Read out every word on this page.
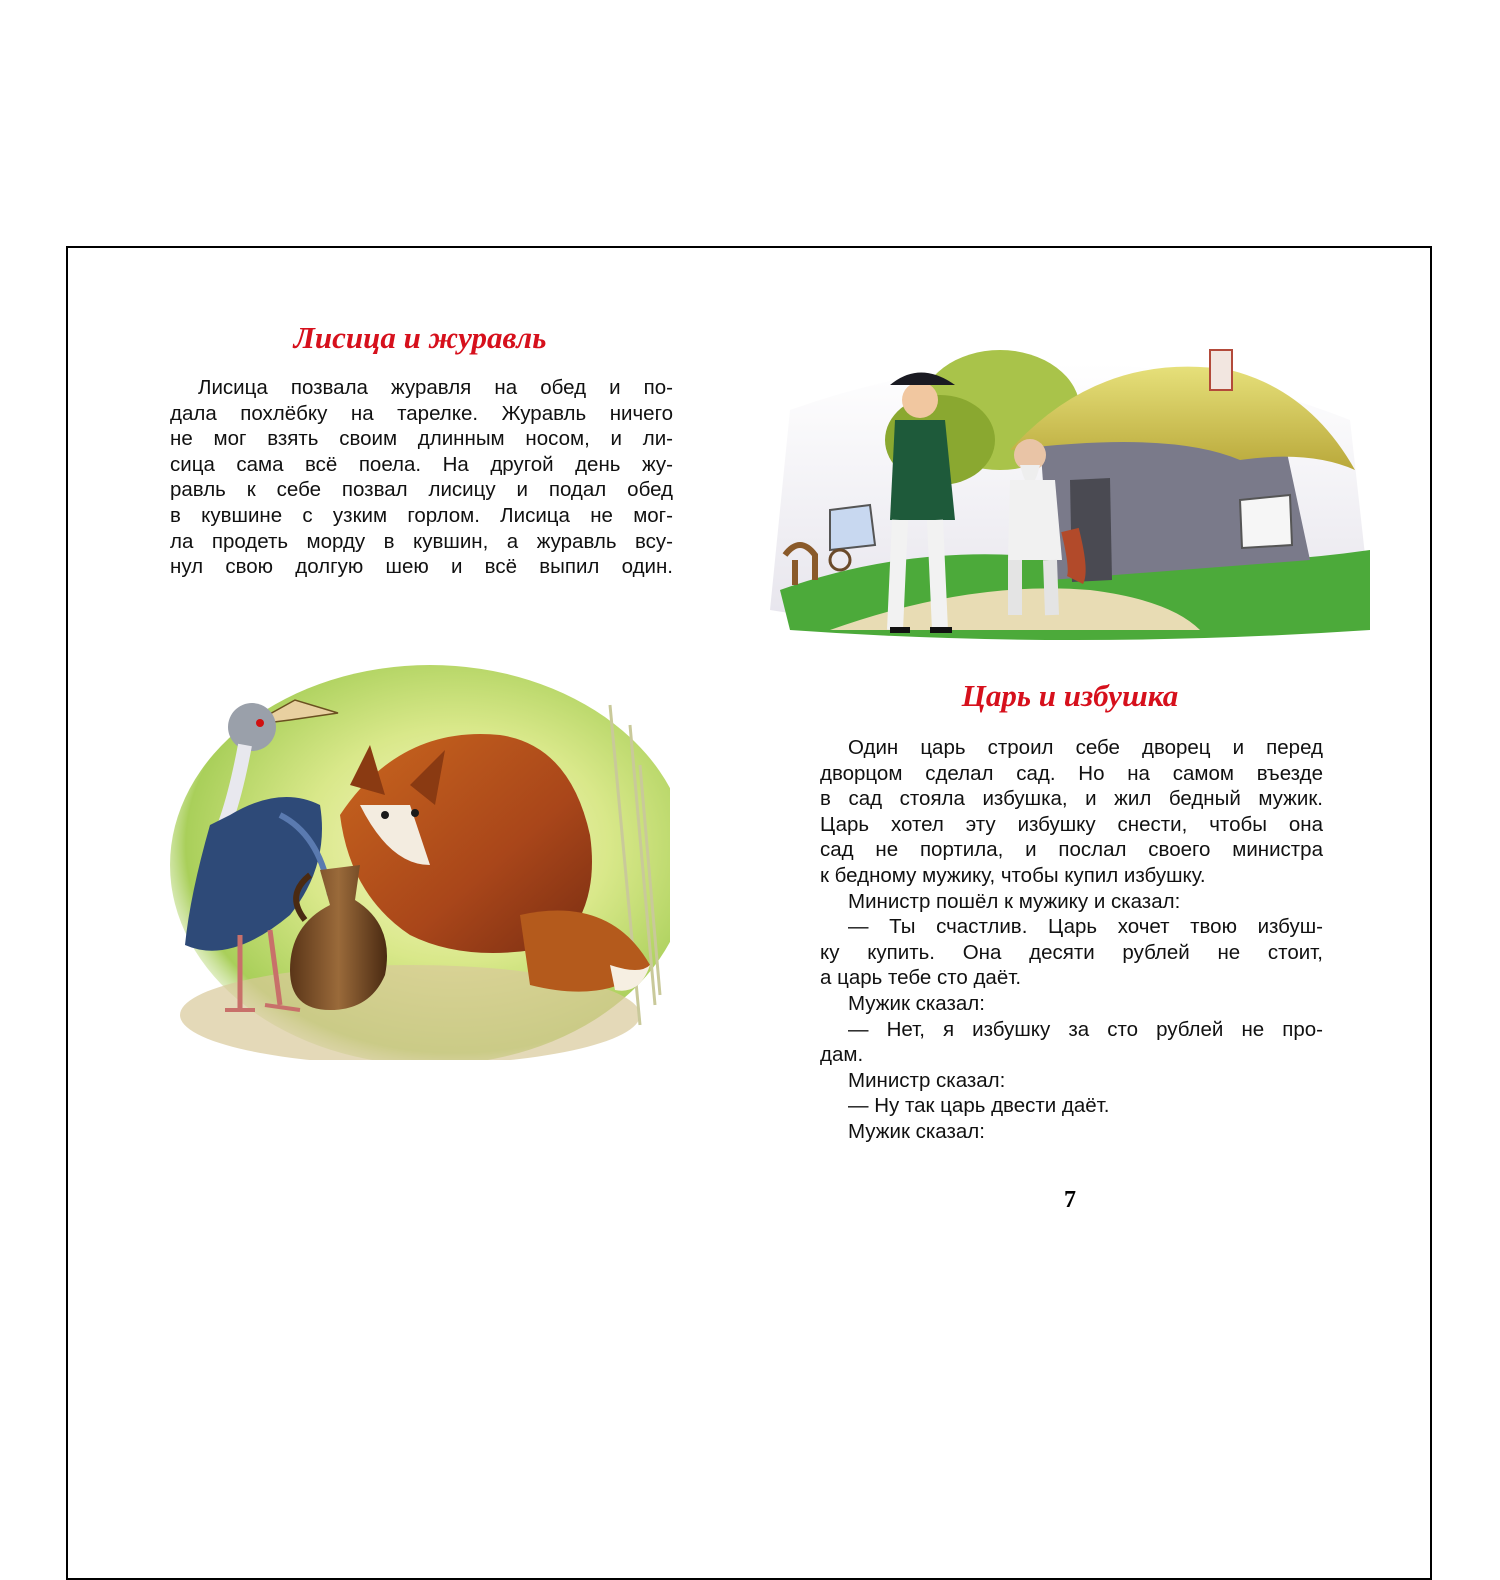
Лисица и журавль
Лисица позвала журавля на обед и по-
дала похлёбку на тарелке. Журавль ничего
не мог взять своим длинным носом, и ли-
сица сама всё поела. На другой день жу-
равль к себе позвал лисицу и подал обед
в кувшине с узким горлом. Лисица не мог-
ла продеть морду в кувшин, а журавль всу-
нул свою долгую шею и всё выпил один.
Царь и избушка
Один царь строил себе дворец и перед
дворцом сделал сад. Но на самом въезде
в сад стояла избушка, и жил бедный мужик.
Царь хотел эту избушку снести, чтобы она
сад не портила, и послал своего министра
к бедному мужику, чтобы купил избушку.
Министр пошёл к мужику и сказал:
— Ты счастлив. Царь хочет твою избуш-
ку купить. Она десяти рублей не стоит,
а царь тебе сто даёт.
Мужик сказал:
— Нет, я избушку за сто рублей не про-
дам.
Министр сказал:
— Ну так царь двести даёт.
Мужик сказал:
7
